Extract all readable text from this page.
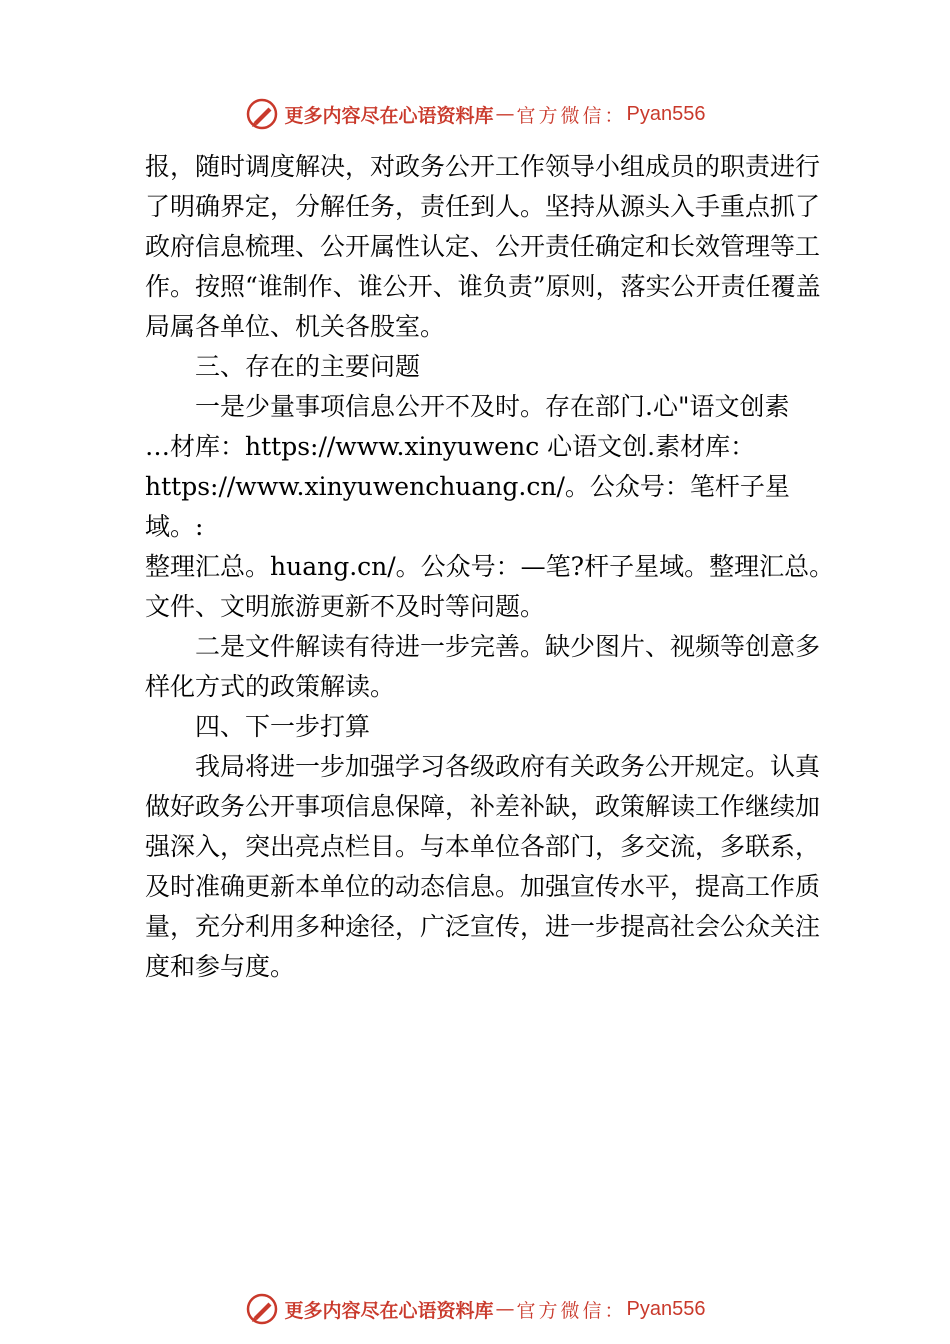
更多内容尽在心语资料库 — 官方微信： Pyan556

报，随时调度解决，对政务公开工作领导小组成员的职责进行了明确界定，分解任务，责任到人。坚持从源头入手重点抓了政府信息梳理、公开属性认定、公开责任确定和长效管理等工作。按照“谁制作、谁公开、谁负责”原则，落实公开责任覆盖局属各单位、机关各股室。

三、存在的主要问题

一是少量事项信息公开不及时。存在部门.心"语文创素
…材库：https://www.xinyuwenc 心语文创.素材库：
https://www.xinyuwenchuang.cn/。公众号：笔杆子星域。:
整理汇总。huang.cn/。公众号：—笔?杆子星域。整理汇总。
文件、文明旅游更新不及时等问题。

二是文件解读有待进一步完善。缺少图片、视频等创意多样化方式的政策解读。

四、下一步打算

我局将进一步加强学习各级政府有关政务公开规定。认真做好政务公开事项信息保障，补差补缺，政策解读工作继续加强深入，突出亮点栏目。与本单位各部门，多交流，多联系，及时准确更新本单位的动态信息。加强宣传水平，提高工作质量，充分利用多种途径，广泛宣传，进一步提高社会公众关注度和参与度。

更多内容尽在心语资料库 — 官方微信： Pyan556
